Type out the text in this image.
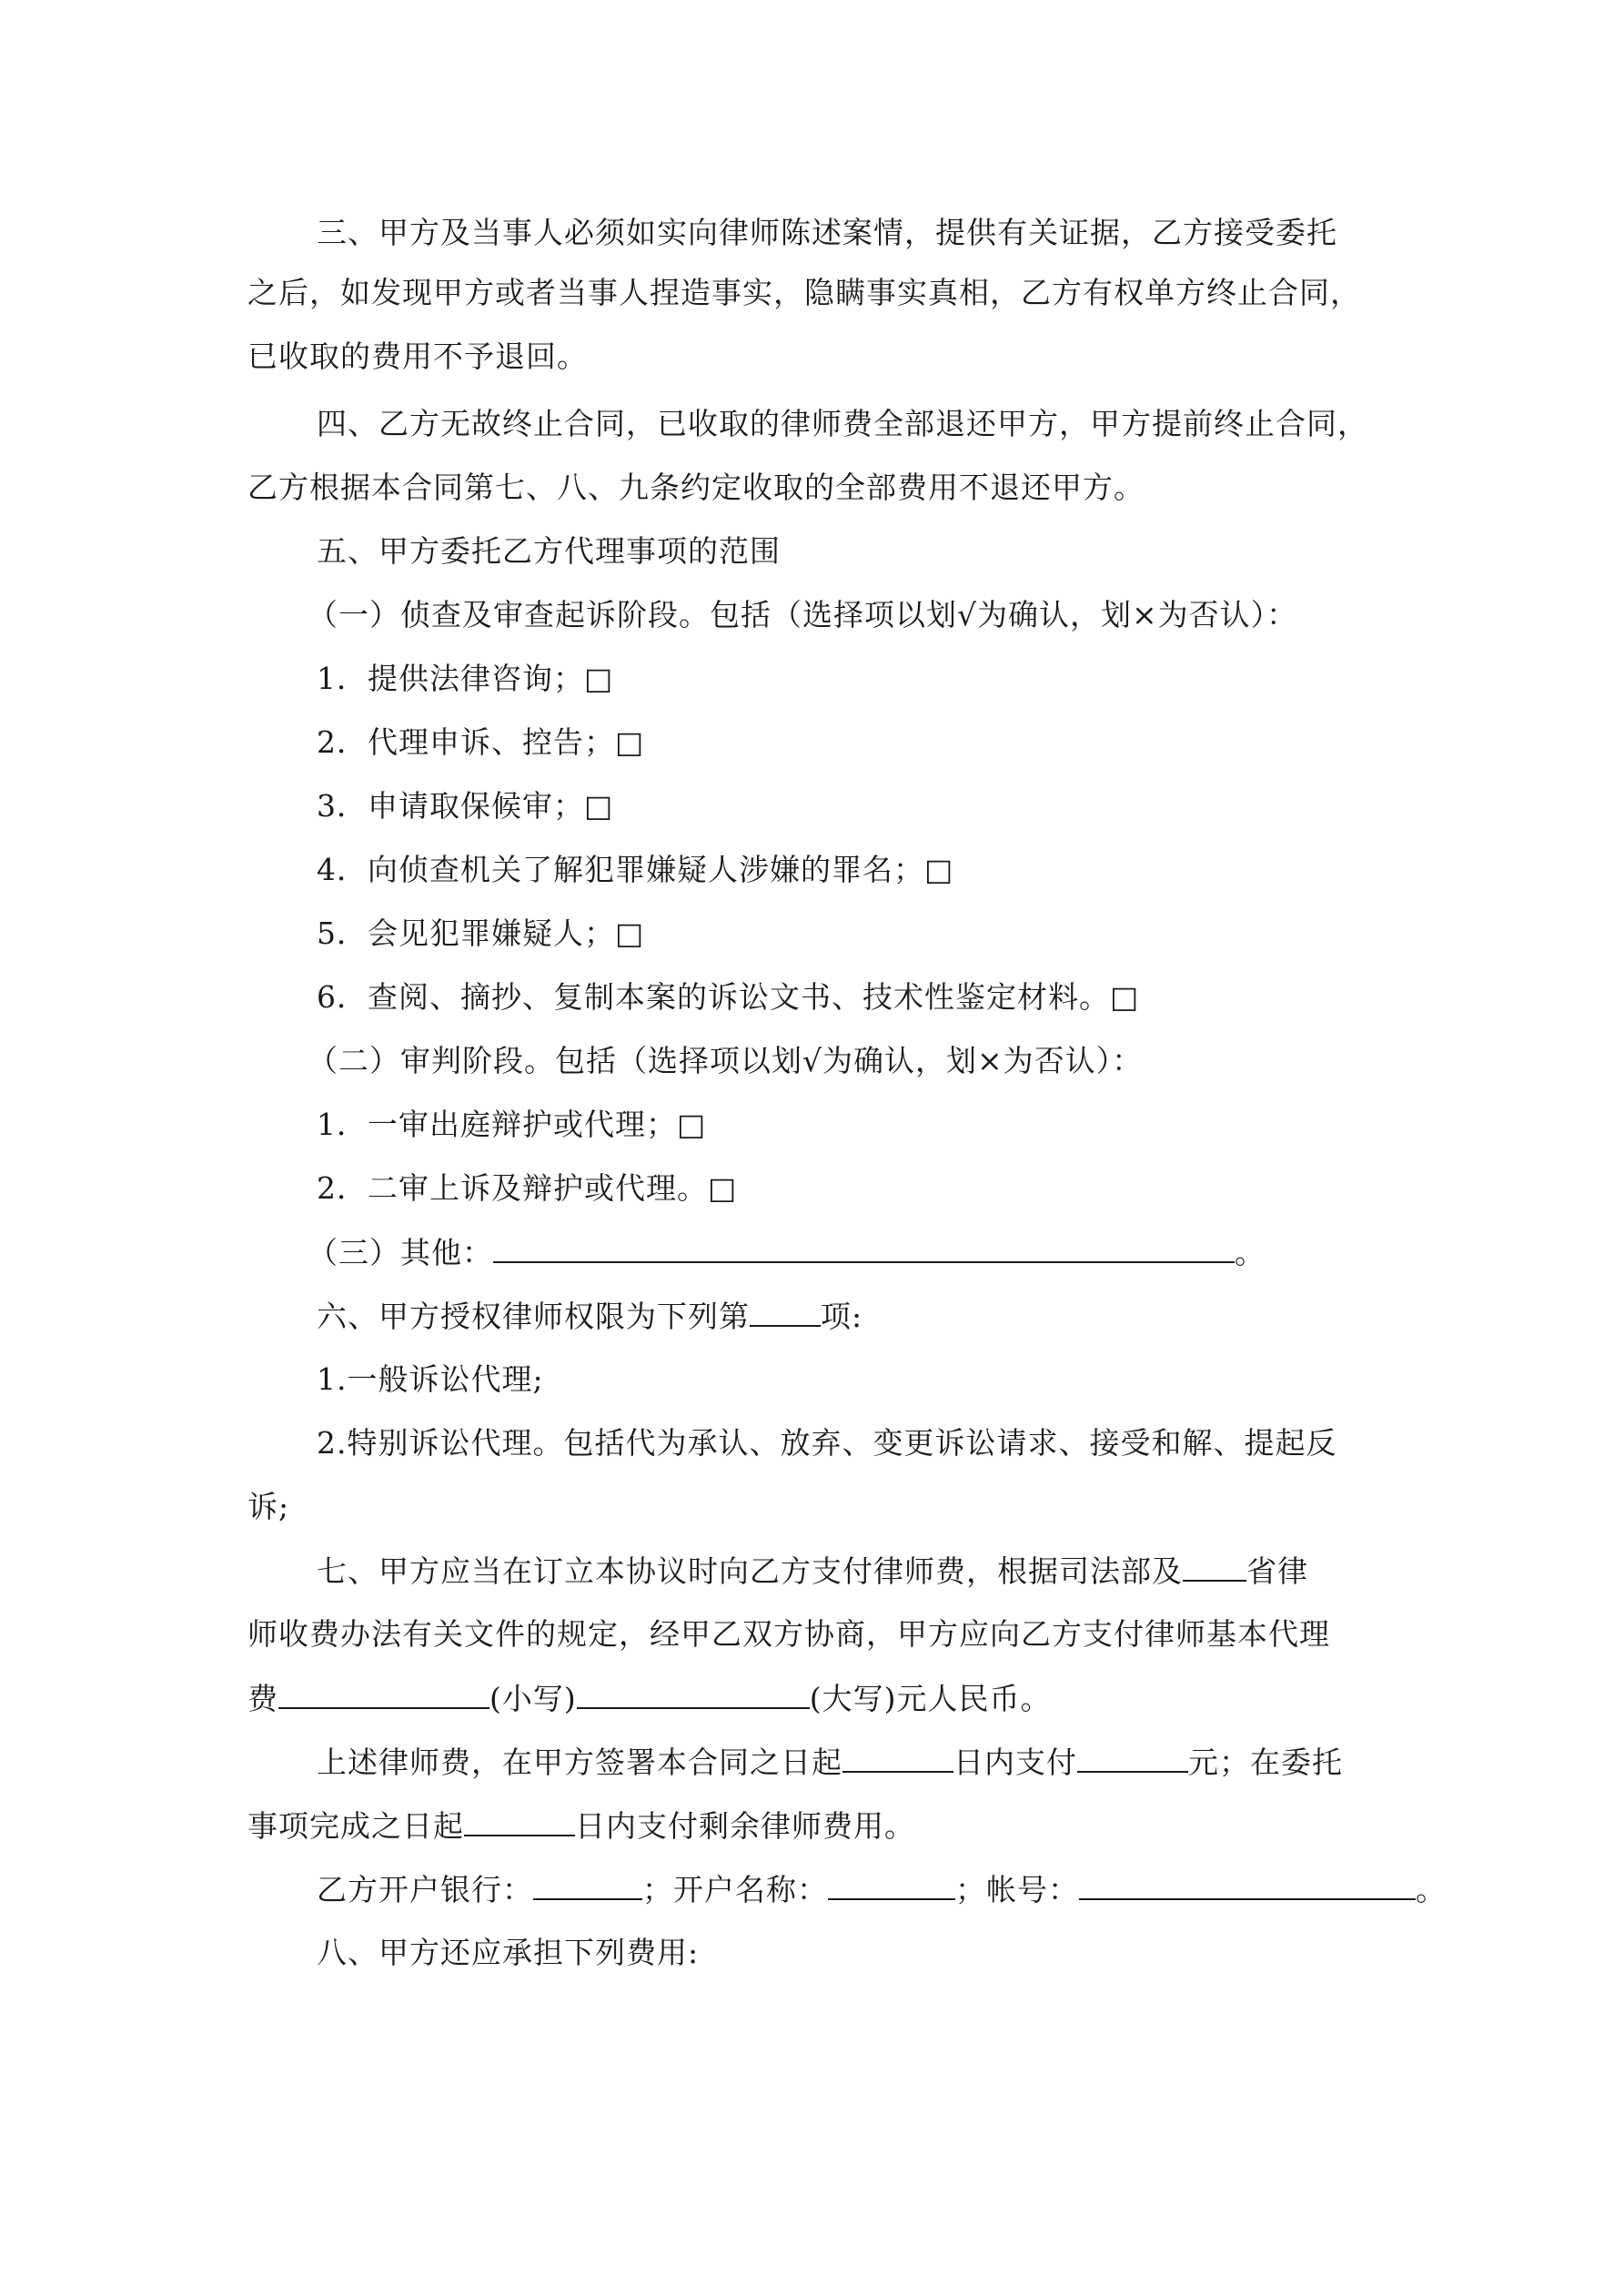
三、甲方及当事人必须如实向律师陈述案情，提供有关证据，乙方接受委托
之后，如发现甲方或者当事人捏造事实，隐瞒事实真相，乙方有权单方终止合同，
已收取的费用不予退回。
四、乙方无故终止合同，已收取的律师费全部退还甲方，甲方提前终止合同，
乙方根据本合同第七、八、九条约定收取的全部费用不退还甲方。
五、甲方委托乙方代理事项的范围
（一）侦查及审查起诉阶段。包括（选择项以划√为确认，划×为否认）：
1．提供法律咨询；□
2．代理申诉、控告；□
3．申请取保候审；□
4．向侦查机关了解犯罪嫌疑人涉嫌的罪名；□
5．会见犯罪嫌疑人；□
6．查阅、摘抄、复制本案的诉讼文书、技术性鉴定材料。□
（二）审判阶段。包括（选择项以划√为确认，划×为否认）：
1．一审出庭辩护或代理；□
2．二审上诉及辩护或代理。□
（三）其他：	。
六、甲方授权律师权限为下列第 项:
1.一般诉讼代理;
2.特别诉讼代理。包括代为承认、放弃、变更诉讼请求、接受和解、提起反
诉;
七、甲方应当在订立本协议时向乙方支付律师费，根据司法部及 省律
师收费办法有关文件的规定，经甲乙双方协商，甲方应向乙方支付律师基本代理
费	(小写)	(大写)元人民币。
上述律师费，在甲方签署本合同之日起	日内支付	元；在委托
事项完成之日起	日内支付剩余律师费用。
乙方开户银行：	；开户名称：	；帐号：	。
八、甲方还应承担下列费用:
